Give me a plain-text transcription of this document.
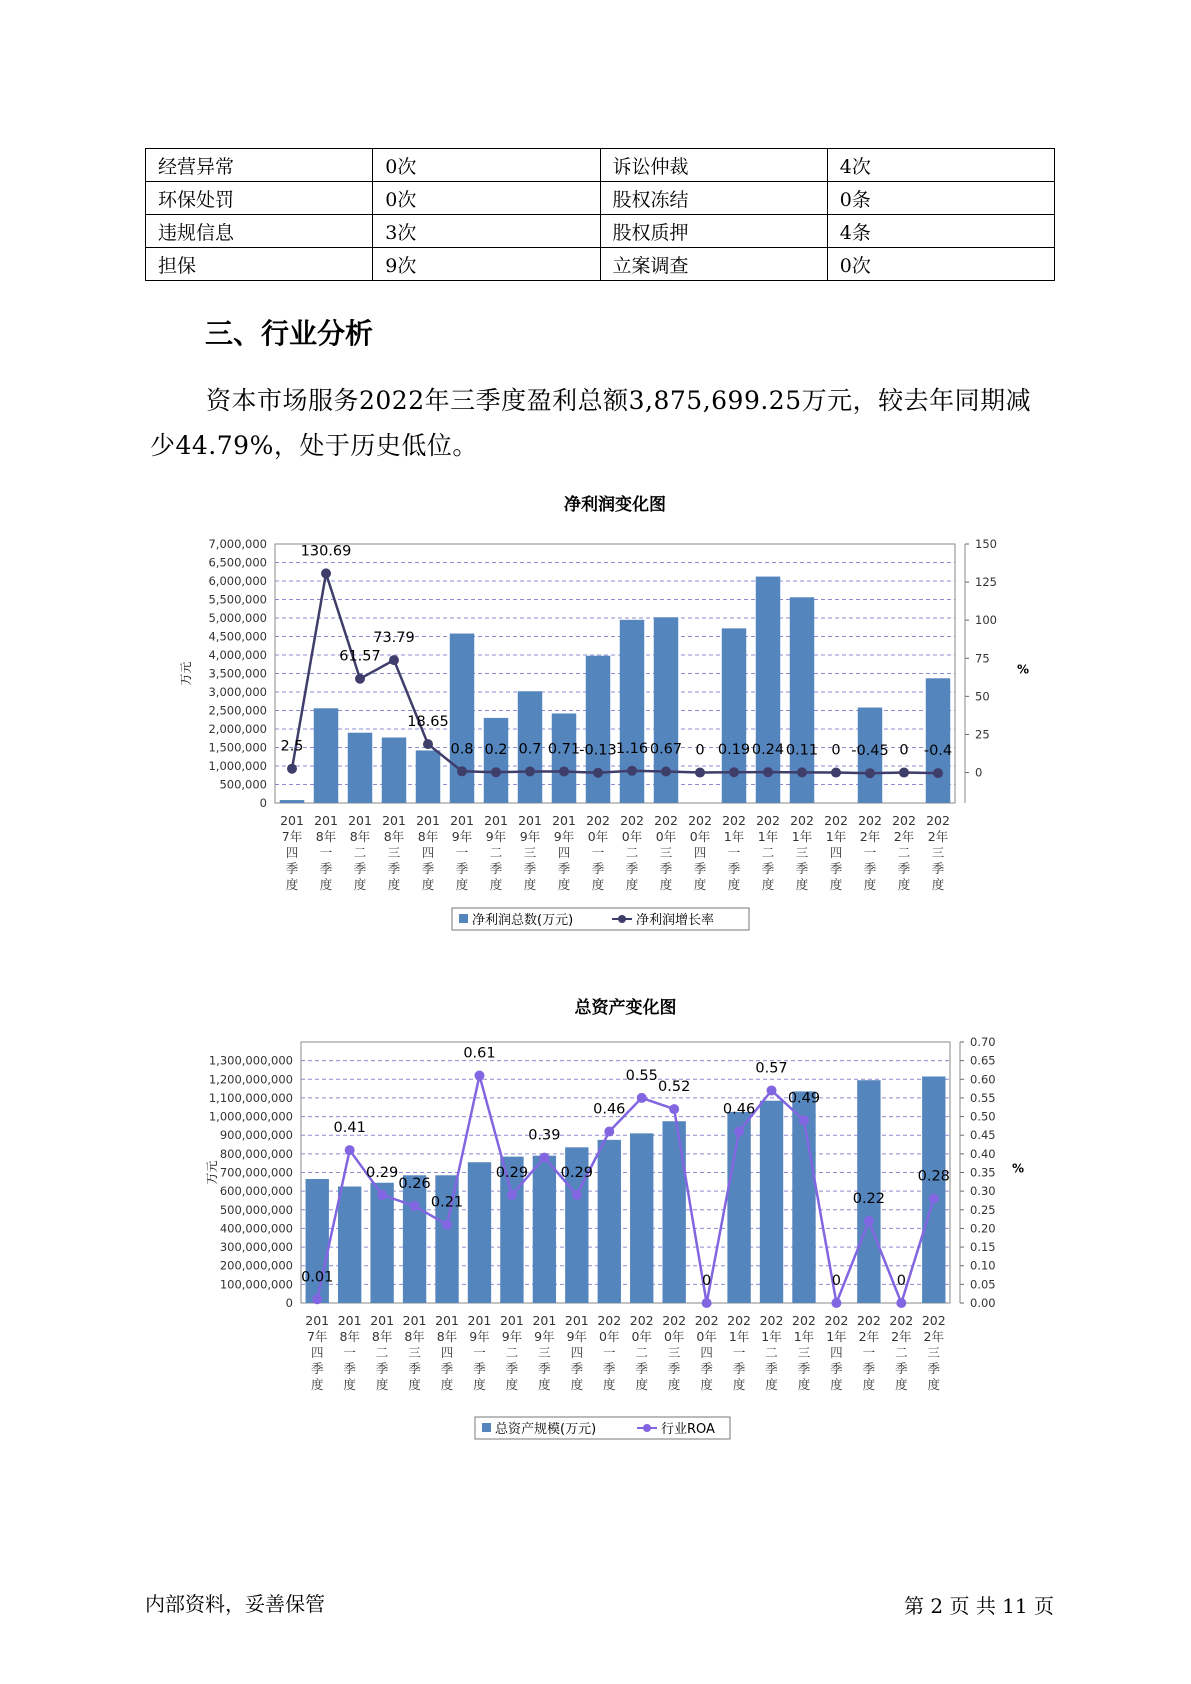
经营异常	0次	诉讼仲裁	4次
环保处罚	0次	股权冻结	0条
违规信息	3次	股权质押	4条
担保	9次	立案调查	0次
三、行业分析
资本市场服务2022年三季度盈利总额3,875,699.25万元，较去年同期减少44.79%，处于历史低位。
净利润变化图
0
500,000
1,000,000
1,500,000
2,000,000
2,500,000
3,000,000
3,500,000
4,000,000
4,500,000
5,000,000
5,500,000
6,000,000
6,500,000
7,000,000
0
25
50
75
100
125
150
万元	%
2.5
130.69
61.57
73.79
18.65
0.8 0.2 0.7 0.71 -0.13 1.16 0.67 0 0.19 0.24 0.11 0 -0.45 0 -0.4
201
7年
四
季
度
201
8年
一
季
度
201
8年
二
季
度
201
8年
三
季
度
201
8年
四
季
度
201
9年
一
季
度
201
9年
二
季
度
201
9年
三
季
度
201
9年
四
季
度
202
0年
一
季
度
202
0年
二
季
度
202
0年
三
季
度
202
0年
四
季
度
202
1年
一
季
度
202
1年
二
季
度
202
1年
三
季
度
202
1年
四
季
度
202
2年
一
季
度
202
2年
二
季
度
202
2年
三
季
度
净利润总数(万元)	净利润增长率
总资产变化图
0
100,000,000
200,000,000
300,000,000
400,000,000
500,000,000
600,000,000
700,000,000
800,000,000
900,000,000
1,000,000,000
1,100,000,000
1,200,000,000
1,300,000,000
0.00
0.05
0.10
0.15
0.20
0.25
0.30
0.35
0.40
0.45
0.50
0.55
0.60
0.65
0.70
万元	%
0.01
0.41
0.29
0.26
0.21
0.61
0.29
0.39
0.29
0.46
0.55
0.52
0
0.46
0.57
0.49
0
0.22
0
0.28
201
7年
四
季
度
201
8年
一
季
度
201
8年
二
季
度
201
8年
三
季
度
201
8年
四
季
度
201
9年
一
季
度
201
9年
二
季
度
201
9年
三
季
度
201
9年
四
季
度
202
0年
一
季
度
202
0年
二
季
度
202
0年
三
季
度
202
0年
四
季
度
202
1年
一
季
度
202
1年
二
季
度
202
1年
三
季
度
202
1年
四
季
度
202
2年
一
季
度
202
2年
二
季
度
202
2年
三
季
度
总资产规模(万元)	行业ROA
内部资料，妥善保管	第 2 页 共 11 页
